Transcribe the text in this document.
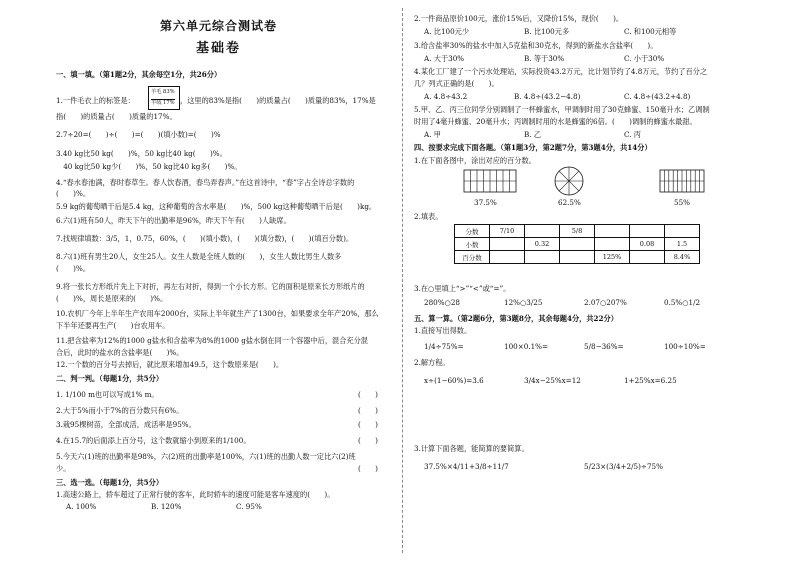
第六单元综合测试卷
基础卷
一、填一填。（第1题2分，其余每空1分，共26分）
1.一件毛衣上的标签是：
羊毛 83%
羊绒 17% ，这里的83%是指(　　)的质量占(　　)质量的83%，17%是
指(　　)的质量占(　　)质量的17%。
2.7÷20=(　　)÷(　　)=(　　)(填小数)=(　　)%
3.40 kg比50 kg(　　)%，50 kg比40 kg(　　)%。
　40 kg比50 kg少(　　)%，50 kg比40 kg多(　　)%。
4.“春水春池满，春时春草生。春人饮春酒，春鸟弄春声。”在这首诗中，“春”字占全诗总字数的
(　　)%。
5.9 kg的葡萄晒干后是5.4 kg，这种葡萄的含水率是(　　)%，500 kg这种葡萄晒干后是(　　)kg。
6.六(1)班有50人，昨天下午的出勤率是96%，昨天下午有(　　)人缺席。
7.找规律填数：3/5，1，0.75，60%，(　　)(填小数)，(　　)(填分数)，(　　)(填百分数)。
8.六(1)班有男生20人，女生25人。女生人数是全班人数的(　　)，女生人数比男生人数多
(　　)%。
9.将一张长方形纸片先上下对折，再左右对折，得到一个小长方形。它的面积是原来长方形纸片的
(　　)%，周长是原来的(　　)%。
10.农机厂今年上半年生产农用车2000台，实际上半年就生产了1300台，如果要求全年产20%，那么
下半年还要再生产(　　)台农用车。
11.把含盐率为12%的1000 g盐水和含盐率为8%的1000 g盐水倒在同一个容器中后，混合充分混
合后，此时的盐水的含盐率是(　　)%。
12.一个数的百分号去掉后，就比原来增加49.5，这个数原来是(　　)。
二、判一判。（每题1分，共5分）
1. 1/100 m也可以写成1% m。
2.大于5%而小于7%的百分数只有6%。
3.栽95棵树苗，全部成活，成活率是95%。
4.在15.7的后面添上百分号，这个数就缩小到原来的1/100。
5.今天六(1)班的出勤率是98%，六(2)班的出勤率是100%，六(1)班的出勤人数一定比六(2)班
少。
(　　)
(　　)
(　　)
(　　)
(　　)
三、选一选。（每题1分，共5分）
1.高速公路上，轿车超过了正常行驶的客车，此时轿车的速度可能是客车速度的(　　)。
A. 100%	B. 120%	C. 95%
2.一件商品原价100元，涨价15%后，又降价15%，现价(　　)。
A. 比100元少	B. 比100元多	C. 和100元相等
3.给含盐率30%的盐水中加入5克盐和30克水，得到的新盐水含盐率(　　)。
A. 大于30%	B. 等于30%	C. 小于30%
4.某化工厂建了一个污水处理站，实际投资43.2万元，比计划节约了4.8万元，节约了百分之
几？列式正确的是(　　)。
A. 4.8÷43.2	B. 4.8÷(43.2−4.8)	C. 4.8÷(43.2+4.8)
5.甲、乙、丙三位同学分别调制了一杯蜂蜜水，甲调制时用了30克蜂蜜、150毫升水；乙调制
时用了4毫升蜂蜜、20毫升水；丙调制时用的水是蜂蜜的6倍。(　　)调制的蜂蜜水最甜。
A. 甲	B. 乙	C. 丙
四、按要求完成下面各题。（第1题3分，第2题7分，第3题4分，共14分）
1.在下面各图中，涂出对应的百分数。
37.5%	62.5%	55%
2.填表。
分数	7/10		5/8			
小数		0.32			0.08	1.5
百分数				125%		8.4%
3.在○里填上“>”“<”或“=”。
280%○28	12%○3/25	2.07○207%	0.5%○1/2
五、算一算。（第2题6分，第3题8分，其余每题4分，共22分）
1.直接写出得数。
1/4÷75%=	100×0.1%=	5/8−36%=	100÷10%=
2.解方程。
x÷(1−60%)=3.6	3/4x−25%x=12	1+25%x=6.25
3.计算下面各题，能简算的要简算。
37.5%×4/11+3/8÷11/7	5/23×(3/4+2/5)÷75%
